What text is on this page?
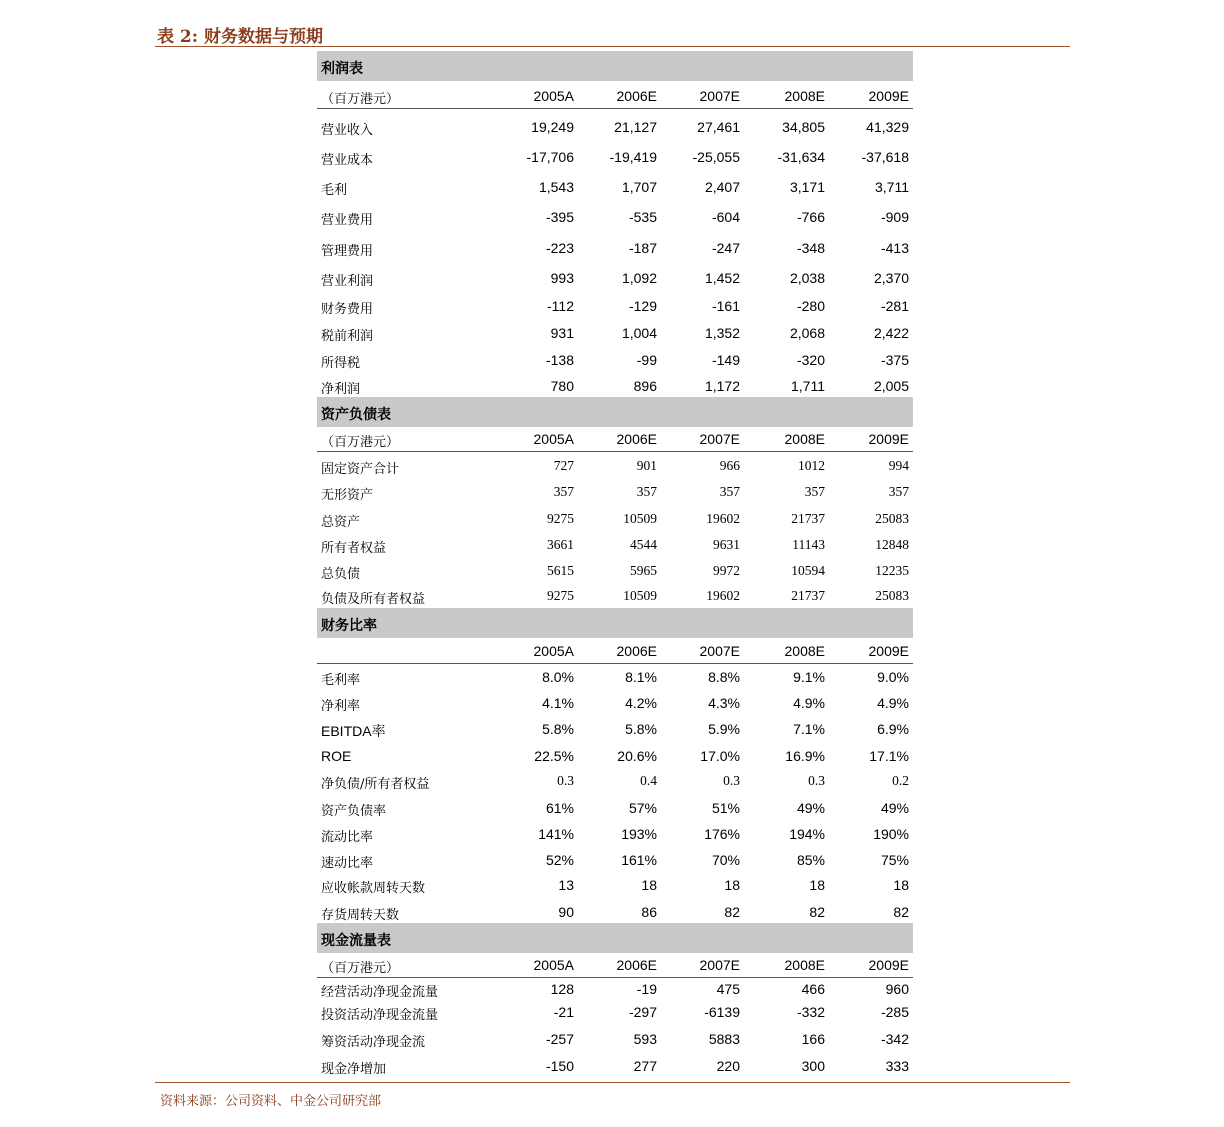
表 2: 财务数据与预期
利润表
（百万港元）	2005A	2006E	2007E	2008E	2009E
营业收入	19,249	21,127	27,461	34,805	41,329
营业成本	-17,706	-19,419	-25,055	-31,634	-37,618
毛利	1,543	1,707	2,407	3,171	3,711
营业费用	-395	-535	-604	-766	-909
管理费用	-223	-187	-247	-348	-413
营业利润	993	1,092	1,452	2,038	2,370
财务费用	-112	-129	-161	-280	-281
税前利润	931	1,004	1,352	2,068	2,422
所得税	-138	-99	-149	-320	-375
净利润	780	896	1,172	1,711	2,005
资产负债表
（百万港元）	2005A	2006E	2007E	2008E	2009E
固定资产合计	727	901	966	1012	994
无形资产	357	357	357	357	357
总资产	9275	10509	19602	21737	25083
所有者权益	3661	4544	9631	11143	12848
总负债	5615	5965	9972	10594	12235
负债及所有者权益	9275	10509	19602	21737	25083
财务比率
2005A	2006E	2007E	2008E	2009E
毛利率	8.0%	8.1%	8.8%	9.1%	9.0%
净利率	4.1%	4.2%	4.3%	4.9%	4.9%
EBITDA率	5.8%	5.8%	5.9%	7.1%	6.9%
ROE	22.5%	20.6%	17.0%	16.9%	17.1%
净负债/所有者权益	0.3	0.4	0.3	0.3	0.2
资产负债率	61%	57%	51%	49%	49%
流动比率	141%	193%	176%	194%	190%
速动比率	52%	161%	70%	85%	75%
应收帐款周转天数	13	18	18	18	18
存货周转天数	90	86	82	82	82
现金流量表
（百万港元）	2005A	2006E	2007E	2008E	2009E
经营活动净现金流量	128	-19	475	466	960
投资活动净现金流量	-21	-297	-6139	-332	-285
筹资活动净现金流	-257	593	5883	166	-342
现金净增加	-150	277	220	300	333
资料来源：公司资料、中金公司研究部
